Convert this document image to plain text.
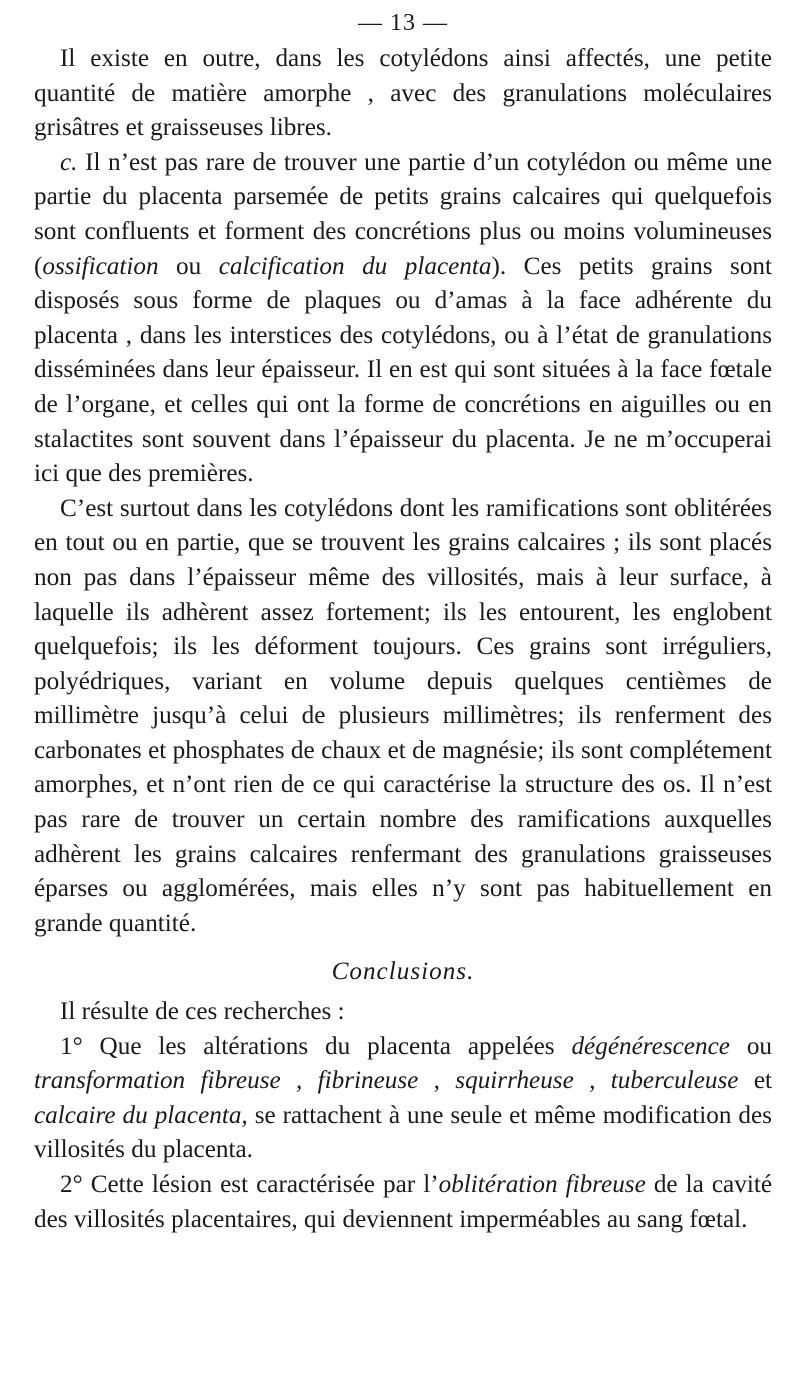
— 13 —

Il existe en outre, dans les cotylédons ainsi affectés, une petite quantité de matière amorphe , avec des granulations moléculaires grisâtres et graisseuses libres.

c. Il n’est pas rare de trouver une partie d’un cotylédon ou même une partie du placenta parsemée de petits grains calcaires qui quelquefois sont confluents et forment des concrétions plus ou moins volumineuses (ossification ou calcification du placenta). Ces petits grains sont disposés sous forme de plaques ou d’amas à la face adhérente du placenta , dans les interstices des cotylédons, ou à l’état de granulations disséminées dans leur épaisseur. Il en est qui sont situées à la face fœtale de l’organe, et celles qui ont la forme de concrétions en aiguilles ou en stalactites sont souvent dans l’épaisseur du placenta. Je ne m’occuperai ici que des premières.

C’est surtout dans les cotylédons dont les ramifications sont oblitérées en tout ou en partie, que se trouvent les grains calcaires ; ils sont placés non pas dans l’épaisseur même des villosités, mais à leur surface, à laquelle ils adhèrent assez fortement; ils les entourent, les englobent quelquefois; ils les déforment toujours. Ces grains sont irréguliers, polyédriques, variant en volume depuis quelques centièmes de millimètre jusqu’à celui de plusieurs millimètres; ils renferment des carbonates et phosphates de chaux et de magnésie; ils sont complétement amorphes, et n’ont rien de ce qui caractérise la structure des os. Il n’est pas rare de trouver un certain nombre des ramifications auxquelles adhèrent les grains calcaires renfermant des granulations graisseuses éparses ou agglomérées, mais elles n’y sont pas habituellement en grande quantité.

Conclusions.

Il résulte de ces recherches :

1° Que les altérations du placenta appelées dégénérescence ou transformation fibreuse , fibrineuse , squirrheuse , tuberculeuse et calcaire du placenta, se rattachent à une seule et même modification des villosités du placenta.

2° Cette lésion est caractérisée par l’oblitération fibreuse de la cavité des villosités placentaires, qui deviennent imperméables au sang fœtal.
